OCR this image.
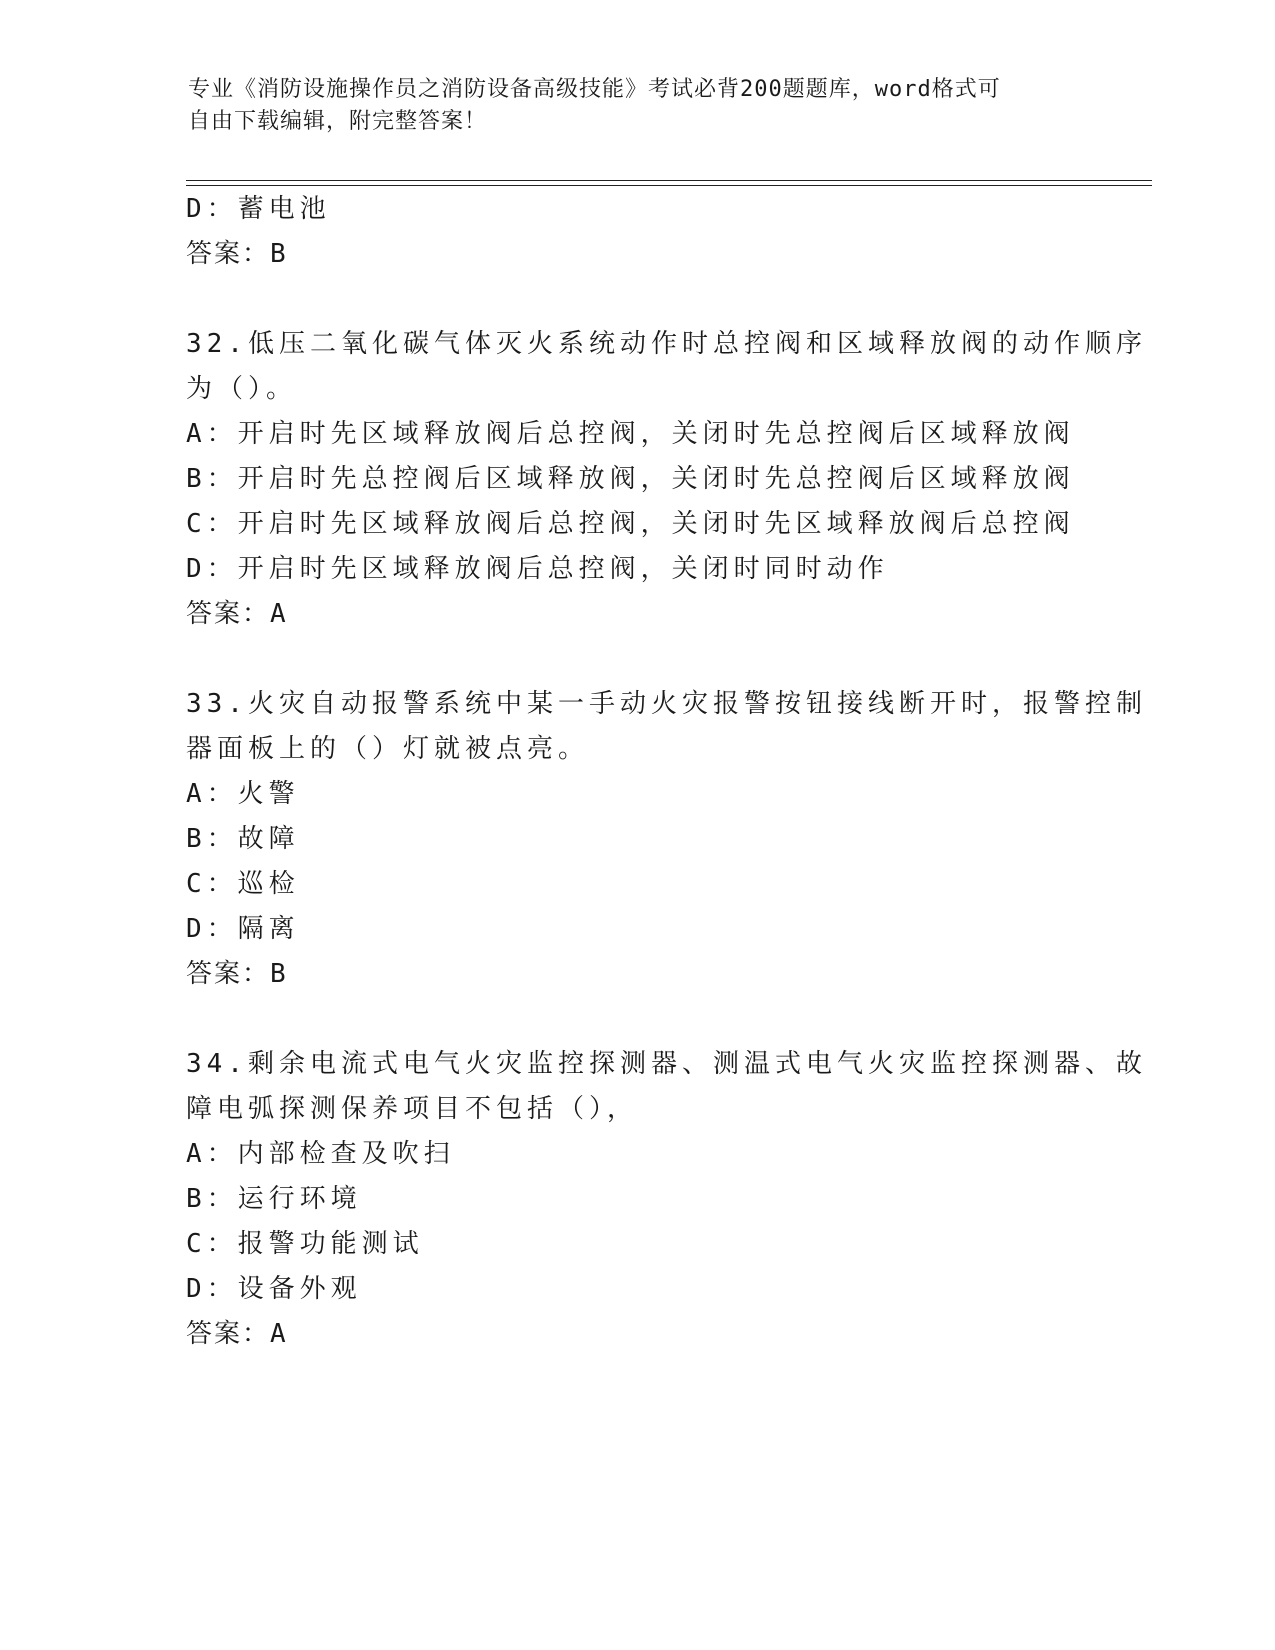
专业《消防设施操作员之消防设备高级技能》考试必背200题题库，word格式可
自由下载编辑，附完整答案！
D：蓄电池
答案：B
32.低压二氧化碳气体灭火系统动作时总控阀和区域释放阀的动作顺序
为（）。
A：开启时先区域释放阀后总控阀，关闭时先总控阀后区域释放阀
B：开启时先总控阀后区域释放阀，关闭时先总控阀后区域释放阀
C：开启时先区域释放阀后总控阀，关闭时先区域释放阀后总控阀
D：开启时先区域释放阀后总控阀，关闭时同时动作
答案：A
33.火灾自动报警系统中某一手动火灾报警按钮接线断开时，报警控制
器面板上的（）灯就被点亮。
A：火警
B：故障
C：巡检
D：隔离
答案：B
34.剩余电流式电气火灾监控探测器、测温式电气火灾监控探测器、故
障电弧探测保养项目不包括（），
A：内部检查及吹扫
B：运行环境
C：报警功能测试
D：设备外观
答案：A
